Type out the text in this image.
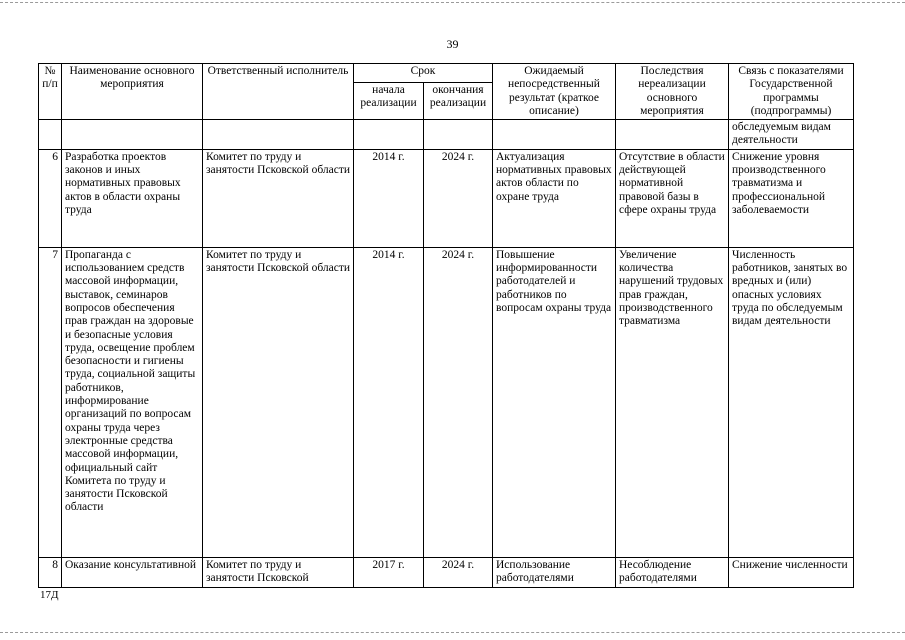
39
№ п/п	Наименование основного мероприятия	Ответственный исполнитель	Срок		Ожидаемый непосредственный результат (краткое описание)	Последствия нереализации основного мероприятия	Связь с показателями Государственной программы (подпрограммы)
			начала реализации	окончания реализации			
							обследуемым видам деятельности
6	Разработка проектов законов и иных нормативных правовых актов в области охраны труда	Комитет по труду и занятости Псковской области	2014 г.	2024 г.	Актуализация нормативных правовых актов области по охране труда	Отсутствие в области действующей нормативной правовой базы в сфере охраны труда	Снижение уровня производственного травматизма и профессиональной заболеваемости
7	Пропаганда с использованием средств массовой информации, выставок, семинаров вопросов обеспечения прав граждан на здоровые и безопасные условия труда, освещение проблем безопасности и гигиены труда, социальной защиты работников, информирование организаций по вопросам охраны труда через электронные средства массовой информации, официальный сайт Комитета по труду и занятости Псковской области	Комитет по труду и занятости Псковской области	2014 г.	2024 г.	Повышение информированности работодателей и работников по вопросам охраны труда	Увеличение количества нарушений трудовых прав граждан, производственного травматизма	Численность работников, занятых во вредных и (или) опасных условиях труда по обследуемым видам деятельности
8	Оказание консультативной	Комитет по труду и занятости Псковской	2017 г.	2024 г.	Использование работодателями	Несоблюдение работодателями	Снижение численности
17Д
